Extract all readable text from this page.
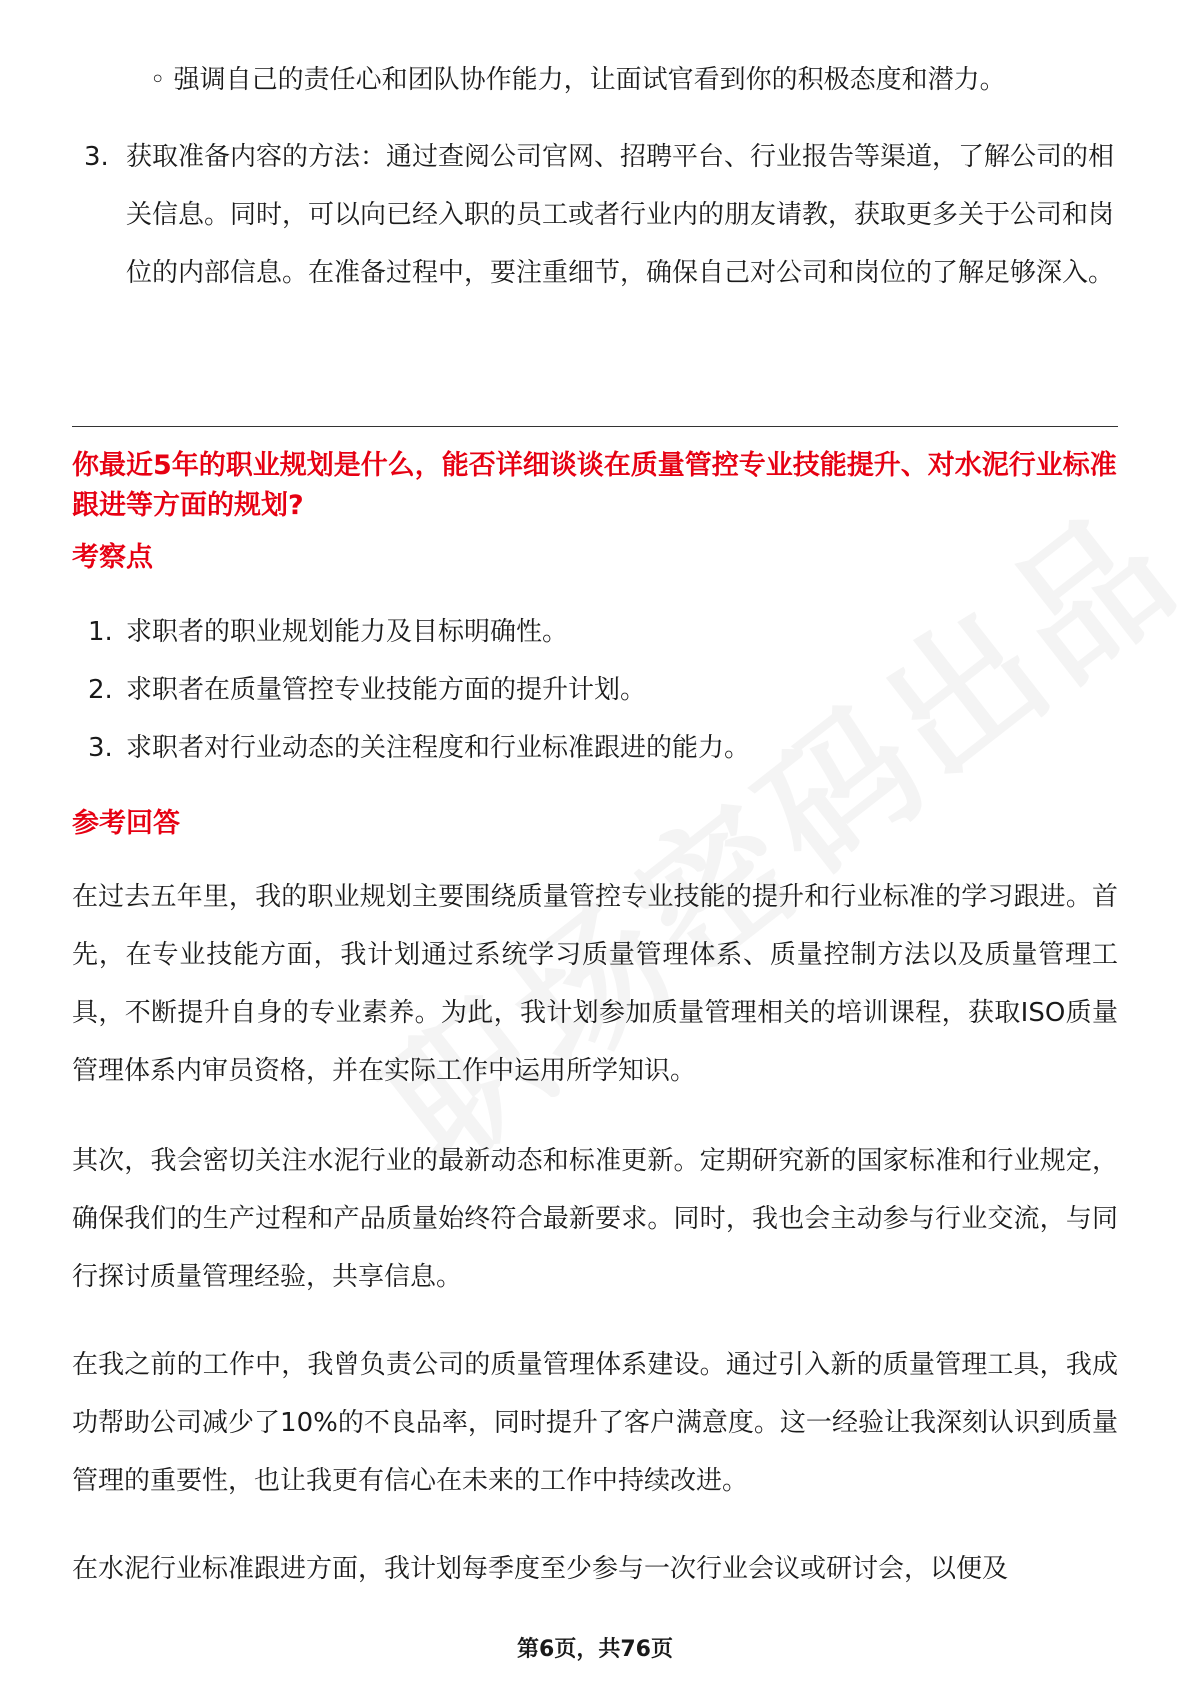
◦ 强调自己的责任心和团队协作能力，让面试官看到你的积极态度和潜力。
3. 获取准备内容的方法：通过查阅公司官网、招聘平台、行业报告等渠道，了解公司的相关信息。同时，可以向已经入职的员工或者行业内的朋友请教，获取更多关于公司和岗位的内部信息。在准备过程中，要注重细节，确保自己对公司和岗位的了解足够深入。
你最近5年的职业规划是什么，能否详细谈谈在质量管控专业技能提升、对水泥行业标准跟进等方面的规划?
考察点
1. 求职者的职业规划能力及目标明确性。
2. 求职者在质量管控专业技能方面的提升计划。
3. 求职者对行业动态的关注程度和行业标准跟进的能力。
参考回答
在过去五年里，我的职业规划主要围绕质量管控专业技能的提升和行业标准的学习跟进。首先，在专业技能方面，我计划通过系统学习质量管理体系、质量控制方法以及质量管理工具，不断提升自身的专业素养。为此，我计划参加质量管理相关的培训课程，获取ISO质量管理体系内审员资格，并在实际工作中运用所学知识。
其次，我会密切关注水泥行业的最新动态和标准更新。定期研究新的国家标准和行业规定，确保我们的生产过程和产品质量始终符合最新要求。同时，我也会主动参与行业交流，与同行探讨质量管理经验，共享信息。
在我之前的工作中，我曾负责公司的质量管理体系建设。通过引入新的质量管理工具，我成功帮助公司减少了10%的不良品率，同时提升了客户满意度。这一经验让我深刻认识到质量管理的重要性，也让我更有信心在未来的工作中持续改进。
在水泥行业标准跟进方面，我计划每季度至少参与一次行业会议或研讨会，以便及
第6页，共76页
